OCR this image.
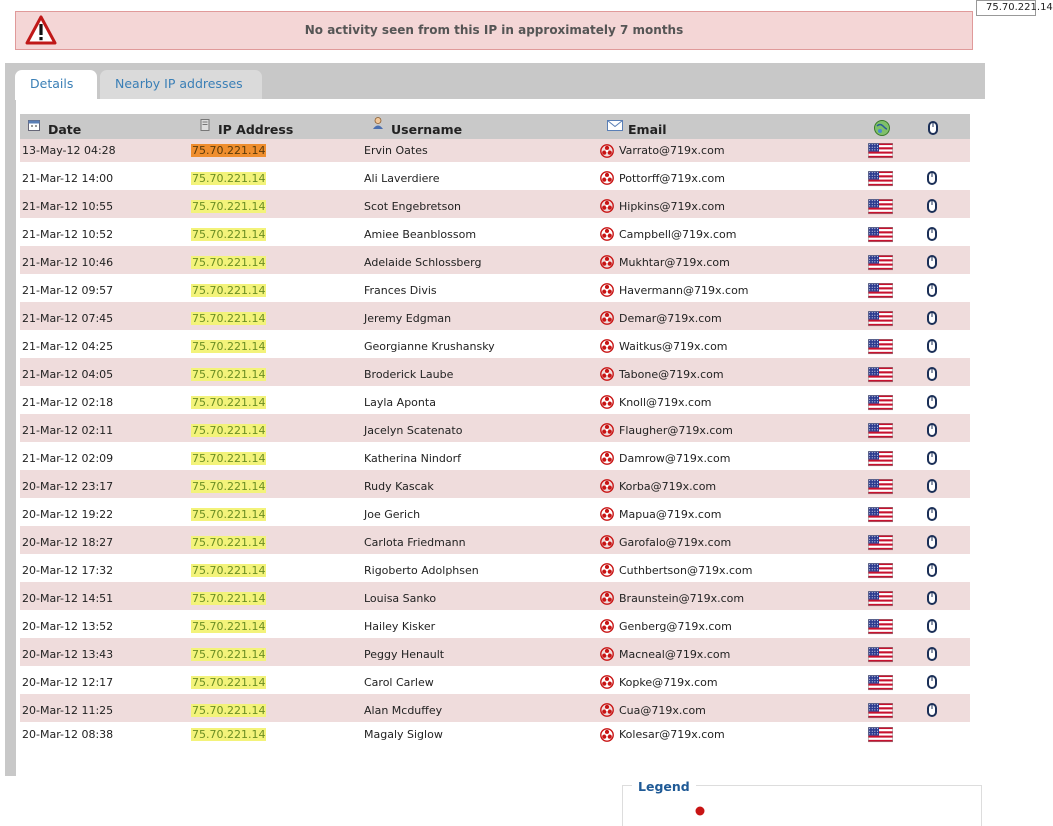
75.70.221.14
No activity seen from this IP in approximately 7 months
Details	Nearby IP addresses
Date	IP Address	Username	Email
13-May-12 04:28	75.70.221.14	Ervin Oates	Varrato@719x.com
21-Mar-12 14:00	75.70.221.14	Ali Laverdiere	Pottorff@719x.com
21-Mar-12 10:55	75.70.221.14	Scot Engebretson	Hipkins@719x.com
21-Mar-12 10:52	75.70.221.14	Amiee Beanblossom	Campbell@719x.com
21-Mar-12 10:46	75.70.221.14	Adelaide Schlossberg	Mukhtar@719x.com
21-Mar-12 09:57	75.70.221.14	Frances Divis	Havermann@719x.com
21-Mar-12 07:45	75.70.221.14	Jeremy Edgman	Demar@719x.com
21-Mar-12 04:25	75.70.221.14	Georgianne Krushansky	Waitkus@719x.com
21-Mar-12 04:05	75.70.221.14	Broderick Laube	Tabone@719x.com
21-Mar-12 02:18	75.70.221.14	Layla Aponta	Knoll@719x.com
21-Mar-12 02:11	75.70.221.14	Jacelyn Scatenato	Flaugher@719x.com
21-Mar-12 02:09	75.70.221.14	Katherina Nindorf	Damrow@719x.com
20-Mar-12 23:17	75.70.221.14	Rudy Kascak	Korba@719x.com
20-Mar-12 19:22	75.70.221.14	Joe Gerich	Mapua@719x.com
20-Mar-12 18:27	75.70.221.14	Carlota Friedmann	Garofalo@719x.com
20-Mar-12 17:32	75.70.221.14	Rigoberto Adolphsen	Cuthbertson@719x.com
20-Mar-12 14:51	75.70.221.14	Louisa Sanko	Braunstein@719x.com
20-Mar-12 13:52	75.70.221.14	Hailey Kisker	Genberg@719x.com
20-Mar-12 13:43	75.70.221.14	Peggy Henault	Macneal@719x.com
20-Mar-12 12:17	75.70.221.14	Carol Carlew	Kopke@719x.com
20-Mar-12 11:25	75.70.221.14	Alan Mcduffey	Cua@719x.com
20-Mar-12 08:38	75.70.221.14	Magaly Siglow	Kolesar@719x.com
Legend
